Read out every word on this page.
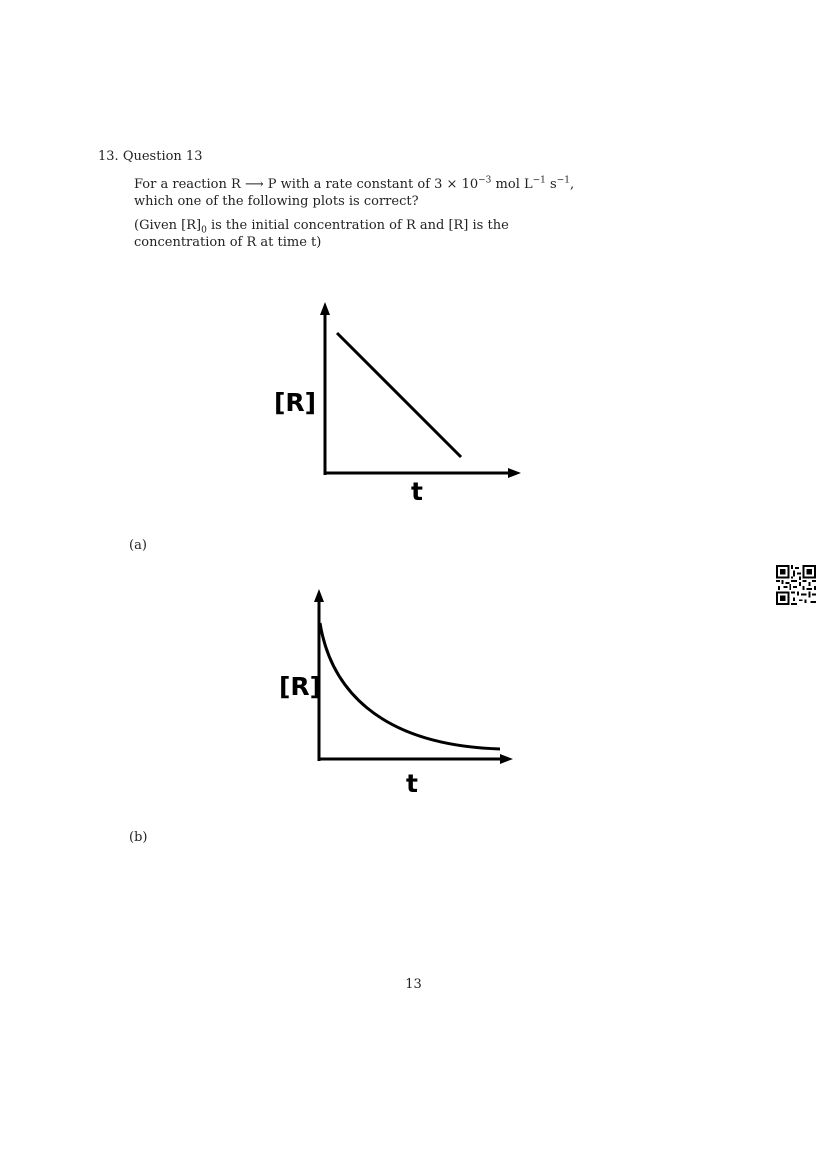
13. Question 13
For a reaction R ⟶ P with a rate constant of $3 \times 10^{-3}$ mol $L^{-1}$ $s^{-1}$, which one of the following plots is correct?
(Given $[R]_0$ is the initial concentration of R and [R] is the concentration of R at time t)
[R]
t
(a)
[R]
t
(b)
13
